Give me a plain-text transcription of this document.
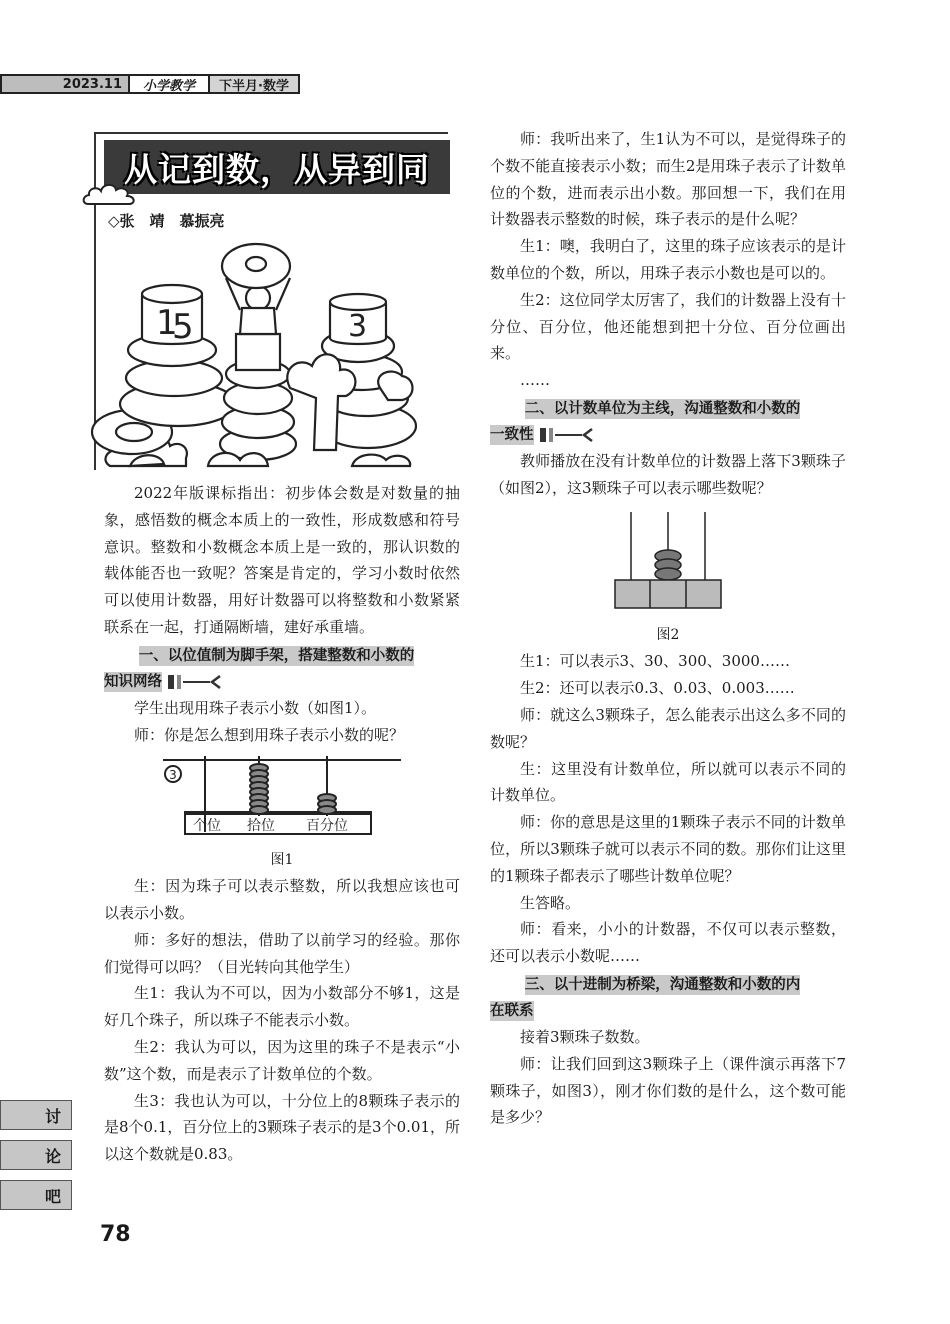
2023.11	小学教学	下半月·数学
从记到数，从异到同
◇张　靖　慕振亮
1
5	3

2022年版课标指出：初步体会数是对数量的抽象，感悟数的概念本质上的一致性，形成数感和符号意识。整数和小数概念本质上是一致的，那认识数的载体能否也一致呢？答案是肯定的，学习小数时依然可以使用计数器，用好计数器可以将整数和小数紧紧联系在一起，打通隔断墙，建好承重墙。

一、以位值制为脚手架，搭建整数和小数的
知识网络

学生出现用珠子表示小数（如图1）。

师：你是怎么想到用珠子表示小数的呢？

3
个位 拾位 百分位
图1

生：因为珠子可以表示整数，所以我想应该也可以表示小数。

师：多好的想法，借助了以前学习的经验。那你们觉得可以吗？（目光转向其他学生）

生1：我认为不可以，因为小数部分不够1，这是好几个珠子，所以珠子不能表示小数。

生2：我认为可以，因为这里的珠子不是表示“小数”这个数，而是表示了计数单位的个数。

生3：我也认为可以，十分位上的8颗珠子表示的是8个0.1，百分位上的3颗珠子表示的是3个0.01，所以这个数就是0.83。

师：我听出来了，生1认为不可以，是觉得珠子的个数不能直接表示小数；而生2是用珠子表示了计数单位的个数，进而表示出小数。那回想一下，我们在用计数器表示整数的时候，珠子表示的是什么呢？

生1：噢，我明白了，这里的珠子应该表示的是计数单位的个数，所以，用珠子表示小数也是可以的。

生2：这位同学太厉害了，我们的计数器上没有十分位、百分位，他还能想到把十分位、百分位画出来。

……

二、以计数单位为主线，沟通整数和小数的
一致性

教师播放在没有计数单位的计数器上落下3颗珠子（如图2），这3颗珠子可以表示哪些数呢？

图2

生1：可以表示3、30、300、3000……

生2：还可以表示0.3、0.03、0.003……

师：就这么3颗珠子，怎么能表示出这么多不同的数呢？

生：这里没有计数单位，所以就可以表示不同的计数单位。

师：你的意思是这里的1颗珠子表示不同的计数单位，所以3颗珠子就可以表示不同的数。那你们让这里的1颗珠子都表示了哪些计数单位呢？

生答略。

师：看来，小小的计数器，不仅可以表示整数，还可以表示小数呢……

三、以十进制为桥梁，沟通整数和小数的内
在联系

接着3颗珠子数数。

师：让我们回到这3颗珠子上（课件演示再落下7颗珠子，如图3），刚才你们数的是什么，这个数可能是多少？

讨
论
吧
78
